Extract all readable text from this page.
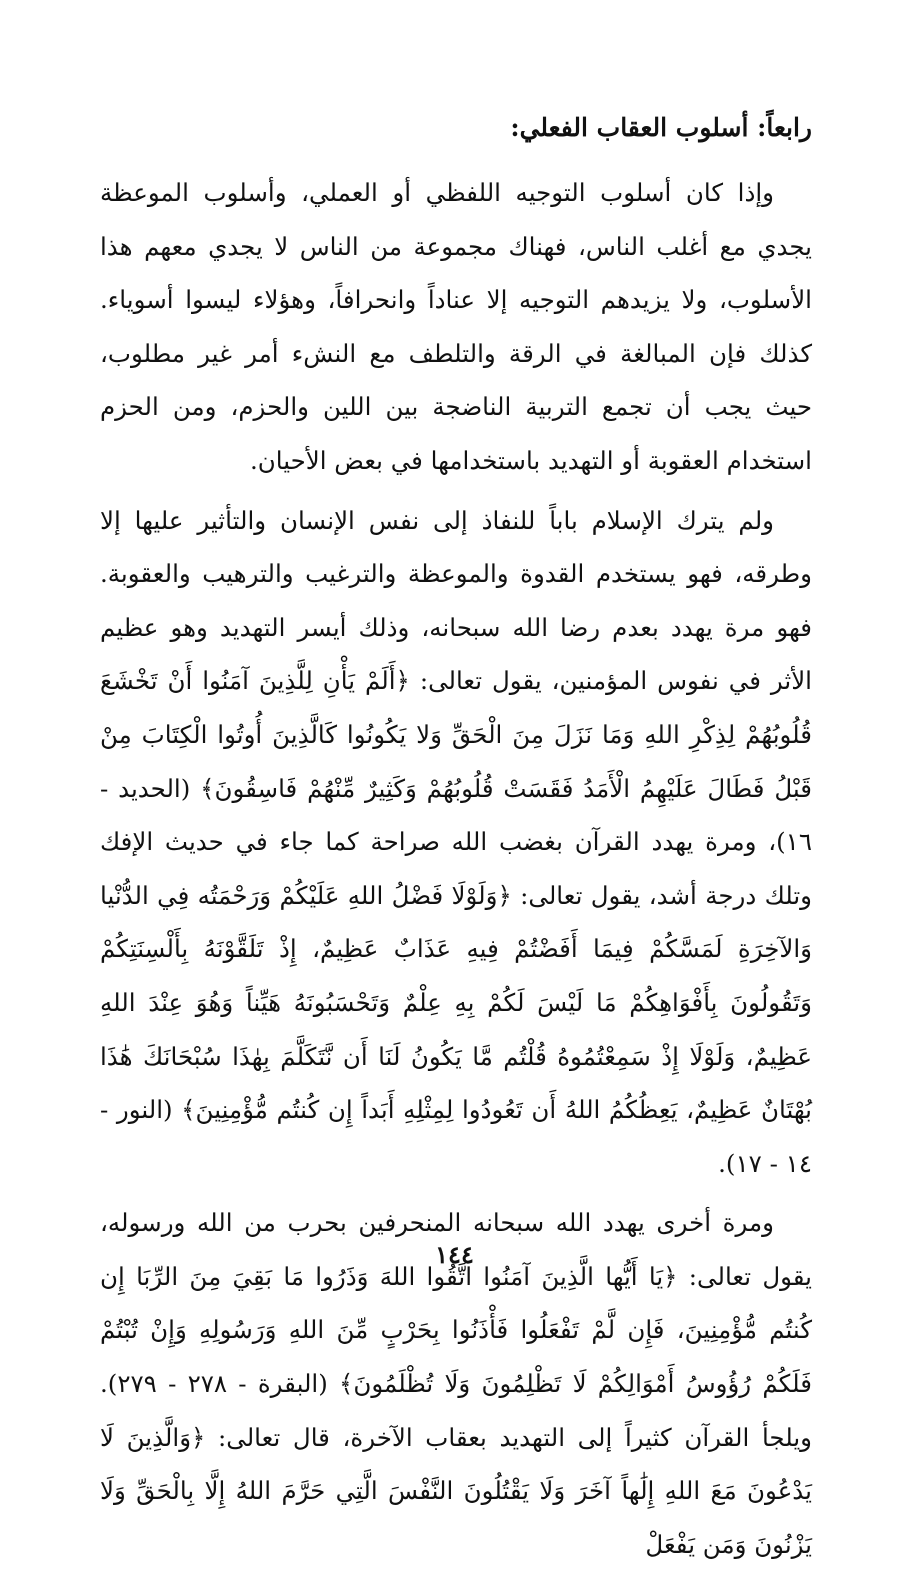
رابعاً: أسلوب العقاب الفعلي:

وإذا كان أسلوب التوجيه اللفظي أو العملي، وأسلوب الموعظة يجدي مع أغلب الناس، فهناك مجموعة من الناس لا يجدي معهم هذا الأسلوب، ولا يزيدهم التوجيه إلا عناداً وانحرافاً، وهؤلاء ليسوا أسوياء. كذلك فإن المبالغة في الرقة والتلطف مع النشء أمر غير مطلوب، حيث يجب أن تجمع التربية الناضجة بين اللين والحزم، ومن الحزم استخدام العقوبة أو التهديد باستخدامها في بعض الأحيان.

ولم يترك الإسلام باباً للنفاذ إلى نفس الإنسان والتأثير عليها إلا وطرقه، فهو يستخدم القدوة والموعظة والترغيب والترهيب والعقوبة. فهو مرة يهدد بعدم رضا الله سبحانه، وذلك أيسر التهديد وهو عظيم الأثر في نفوس المؤمنين، يقول تعالى: ﴿أَلَمْ يَأْنِ لِلَّذِينَ آمَنُوا أَنْ تَخْشَعَ قُلُوبُهُمْ لِذِكْرِ اللهِ وَمَا نَزَلَ مِنَ الْحَقِّ وَلا يَكُونُوا كَالَّذِينَ أُوتُوا الْكِتَابَ مِنْ قَبْلُ فَطَالَ عَلَيْهِمُ الْأَمَدُ فَقَسَتْ قُلُوبُهُمْ وَكَثِيرٌ مِّنْهُمْ فَاسِقُونَ﴾ (الحديد - ١٦)، ومرة يهدد القرآن بغضب الله صراحة كما جاء في حديث الإفك وتلك درجة أشد، يقول تعالى: ﴿وَلَوْلَا فَضْلُ اللهِ عَلَيْكُمْ وَرَحْمَتُه فِي الدُّنْيا وَالآخِرَةِ لَمَسَّكُمْ فِيمَا أَفَضْتُمْ فِيهِ عَذَابٌ عَظِيمٌ، إِذْ تَلَقَّوْنَهُ بِأَلْسِنَتِكُمْ وَتَقُولُونَ بِأَفْوَاهِكُمْ مَا لَيْسَ لَكُمْ بِهِ عِلْمٌ وَتَحْسَبُونَهُ هَيِّناً وَهُوَ عِنْدَ اللهِ عَظِيمٌ، وَلَوْلَا إِذْ سَمِعْتُمُوهُ قُلْتُم مَّا يَكُونُ لَنَا أَن نَّتَكَلَّمَ بِهٰذَا سُبْحَانَكَ هَٰذَا بُهْتَانٌ عَظِيمٌ، يَعِظُكُمُ اللهُ أَن تَعُودُوا لِمِثْلِهِ أَبَداً إِن كُنتُم مُّؤْمِنِينَ﴾ (النور - ١٤ - ١٧).

ومرة أخرى يهدد الله سبحانه المنحرفين بحرب من الله ورسوله، يقول تعالى: ﴿يَا أَيُّها الَّذِينَ آمَنُوا اتَّقُوا اللهَ وَذَرُوا مَا بَقِيَ مِنَ الرِّبَا إِن كُنتُم مُّؤْمِنِينَ، فَإِن لَّمْ تَفْعَلُوا فَأْذَنُوا بِحَرْبٍ مِّنَ اللهِ وَرَسُولِهِ وَإِنْ تُبْتُمْ فَلَكُمْ رُؤُوسُ أَمْوَالِكُمْ لَا تَظْلِمُونَ وَلَا تُظْلَمُونَ﴾ (البقرة - ٢٧٨ - ٢٧٩). ويلجأ القرآن كثيراً إلى التهديد بعقاب الآخرة، قال تعالى: ﴿وَالَّذِينَ لَا يَدْعُونَ مَعَ اللهِ إِلَٰهاً آخَرَ وَلَا يَقْتُلُونَ النَّفْسَ الَّتِي حَرَّمَ اللهُ إِلَّا بِالْحَقِّ وَلَا يَزْنُونَ وَمَن يَفْعَلْ

١٤٤
